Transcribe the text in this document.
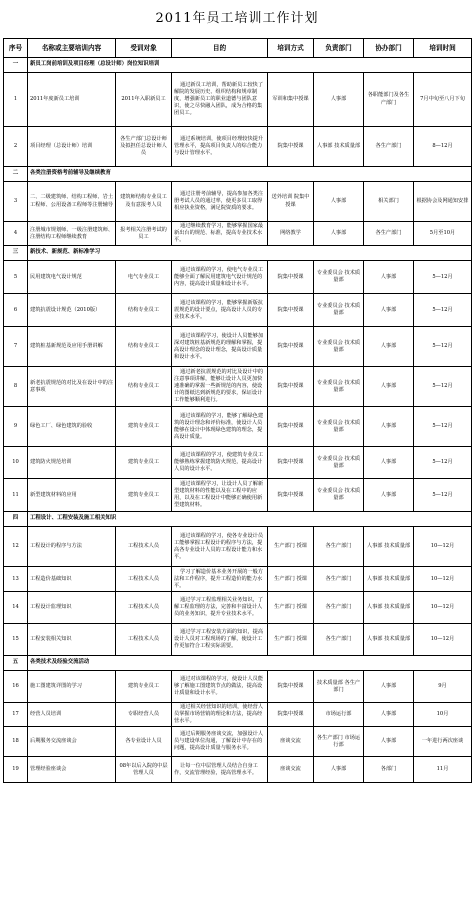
2011年员工培训工作计划
序号	名称或主要培训内容	受训对象	目的	培训方式	负责部门	协办部门	培训时间
一	新员工岗前培训及项目经理（总设计师）岗位知识培训						
1	2011年度新员工培训	2011年入职新员工	通过新员工培训，帮助新员工较快了解院的发展历史、组织结构和规章制度，增强新员工的职业道德与团队意识，使之尽快融入团队，成为合格的集团员工。	军训和集中授课	人事部	各职能部门及各生产部门	7月中旬至八月下旬
2	项目经理（总设计师）培训	各生产部门总设计师及拟担任总设计师人员	通过系统培训，使项目经理较快提升管理水平，提高项目负责人的综合能力与设计管理水平。	院集中授课	人事部 技术质量部	各生产部门	8—12月
二	各类注册资格考前辅导及继续教育						
3	二、二级建筑师、结构工程师、岩土工程师、公用设备工程师等注册辅导	建筑师结构专业员工及有意报考人员	通过注册考前辅导，提高参加各类注册考试人员的通过率，使更多员工取得相应执业资格，满足院资质的要求。	送外培训 院集中授课	人事部	相关部门	根据协会及网通知安排
4	注册城市规划师、一级注册建筑师、注册结构工程师继续教育	报考相关注册考试的员工	通过继续教育学习，能够掌握国家最新出台的规范、标准，提高专业技术水平。	网络教学	人事部	各生产部门	5月至10月
三	新技术、新规范、新标准学习						
5	民用建筑电气设计规范	电气专业员工	通过该课程的学习，使电气专业员工能够全面了解民用建筑电气设计规范的内容，提高设计质量和设计水平。	院集中授课	专业委员会 技术质量部	人事部	5—12月
6	建筑抗震设计规范（2010版）	结构专业员工	通过该课程的学习，能够掌握新版抗震规范的设计要点，提高设计人员的专业技术水平。	院集中授课	专业委员会 技术质量部	人事部	5—12月
7	建筑桩基新规范及应用手册讲解	结构专业员工	通过该课程学习，使设计人员能够加深对建筑桩基新规范的理解和掌握，提高设计理念的设计理念，提高设计质量和设计水平。	院集中授课	专业委员会 技术质量部	人事部	5—12月
8	新老抗震规范的对比及在设计中的注意事项	结构专业员工	通过新老抗震规范的对比及设计中的注意事项讲解，能够让设计人员更加快速准确的掌握一些新规范的内容，使设计的图纸达到新规范的要求，保证设计工作能够顺利进行。	院集中授课	专业委员会 技术质量部	人事部	5—12月
9	绿色工厂、绿色建筑的验收	建筑专业员工	通过该课程的学习，能够了解绿色建筑的设计理念和评价标准，使设计人员能够在设计中体现绿色建筑的理念，提高设计质量。	院集中授课	专业委员会 技术质量部	人事部	5—12月
10	建筑防火规范培训	建筑专业员工	通过该课程的学习，使建筑专业员工能够熟练掌握建筑防火规范，提高设计人员的设计水平。	院集中授课	专业委员会 技术质量部	人事部	5—12月
11	新型建筑材料的应用	建筑专业员工	通过该课程学习，让设计人员了解新型建筑材料的性能以及在工程中的应用，以及在工程设计中能够正确使用新型建筑材料。	院集中授课	专业委员会 技术质量部	人事部	5—12月
四	工程设计、工程安装及施工相关知识						
12	工程设计的程序与方法	工程技术人员	通过该课程的学习，使各专业设计员工能够掌握工程设计的程序与方法，提高各专业设计人员的工程设计能力和水平。	生产部门 授课	各生产部门	人事部 技术质量部	10—12月
13	工程造价基础知识	工程技术人员	学习了解造价基本业务开展的一般方法和工作程序，提升工程造价的能力水平。	生产部门 授课	各生产部门	人事部 技术质量部	10—12月
14	工程设计监理知识	工程技术人员	通过学习工程监理相关业务知识，了解工程监理的方法，完善和丰富设计人员的业务知识，提升专业技术水平。	生产部门 授课	各生产部门	人事部 技术质量部	10—12月
15	工程安装相关知识	工程技术人员	通过学习工程安装方面的知识，提高设计人员对工程现场的了解，使设计工作更加符合工程实际需要。	生产部门 授课	各生产部门	人事部 技术质量部	10—12月
五	各类技术及经验交流活动						
16	施工图建筑详图的学习	建筑专业员工	通过对该课程的学习，使设计人员能够了解施工图建筑节点的做法，提高设计质量和设计水平。	院集中授课	技术质量部 各生产部门	人事部	9月
17	经营人员培训	专职经营人员	通过相关经营知识的培训，使经营人员掌握市场营销的理论和方法，提高经营水平。	院集中授课	市场运行部	人事部	10月
18	后期服务交流座谈会	各专业设计人员	通过后期服务座谈交流，加强设计人员与建设单位沟通，了解设计中存在的问题，提高设计质量与服务水平。	座谈交流	各生产部门 市场运行部	人事部	一年进行两次座谈
19	管理经验座谈会	08年以后入院的中层管理人员	让每一位中层管理人员结合自身工作，交流管理经验，提高管理水平。	座谈交流	人事部	各部门	11月
